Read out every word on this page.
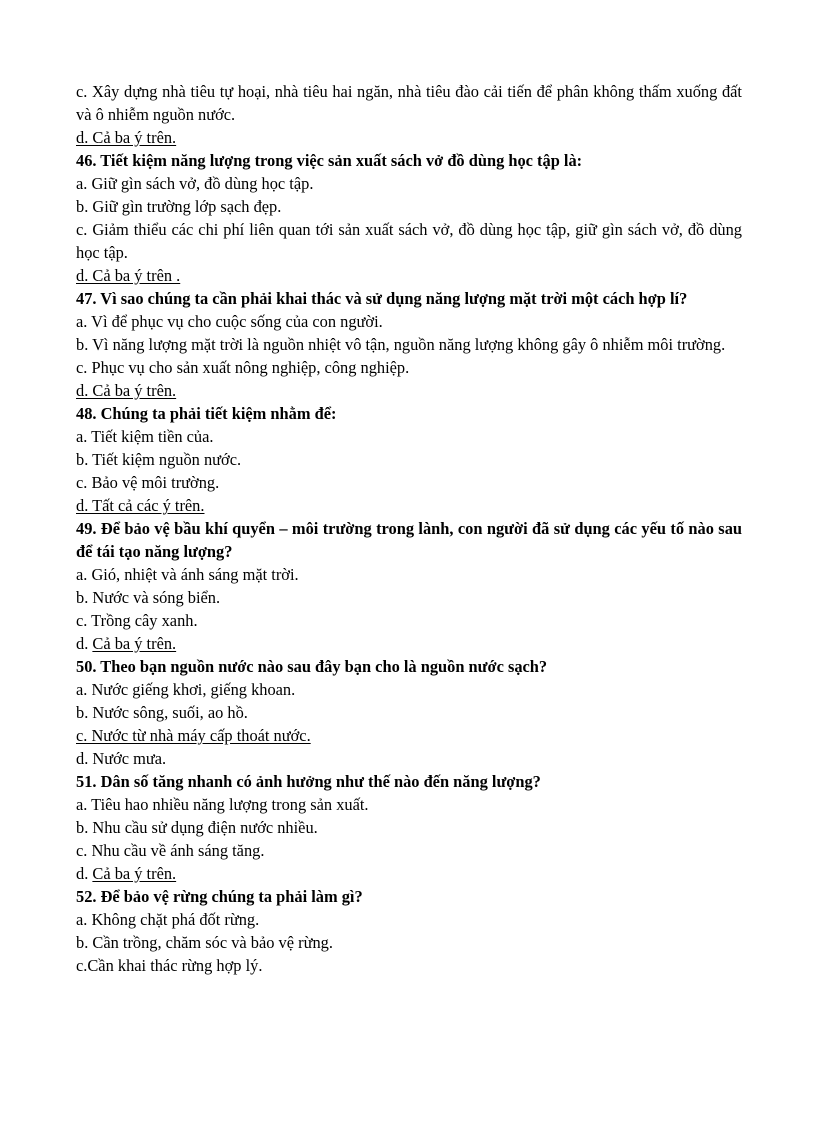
c. Xây dựng nhà tiêu tự hoại, nhà tiêu hai ngăn, nhà tiêu đào cải tiến để phân không thấm xuống đất và ô nhiễm nguồn nước.
d. Cả ba ý trên.
46. Tiết kiệm năng lượng trong việc sản xuất sách vở đồ dùng học tập là:
a. Giữ gìn sách vở, đồ dùng học tập.
b. Giữ gìn trường lớp sạch đẹp.
c. Giảm thiểu các chi phí liên quan tới sản xuất sách vở, đồ dùng học tập, giữ gìn sách vở, đồ dùng học tập.
d. Cả ba ý trên .
47. Vì sao chúng ta cần phải khai thác và sử dụng năng lượng mặt trời một cách hợp lí?
a. Vì để phục vụ cho cuộc sống của con người.
b. Vì năng lượng mặt trời là nguồn nhiệt vô tận, nguồn năng lượng không gây ô nhiễm môi trường.
c. Phục vụ cho sản xuất nông nghiệp, công nghiệp.
d. Cả ba ý trên.
48. Chúng ta phải tiết kiệm nhằm để:
a. Tiết kiệm tiền của.
b. Tiết kiệm nguồn nước.
c. Bảo vệ môi trường.
d. Tất cả các ý trên.
49. Để bảo vệ bầu khí quyển – môi trường trong lành, con người đã sử dụng các yếu tố nào sau để tái tạo năng lượng?
a. Gió, nhiệt và ánh sáng mặt trời.
b. Nước và sóng biển.
c. Trồng cây xanh.
d. Cả ba ý trên.
50. Theo bạn nguồn nước nào sau đây bạn cho là nguồn nước sạch?
a. Nước giếng khơi, giếng khoan.
b. Nước sông, suối, ao hồ.
c. Nước từ nhà máy cấp thoát nước.
d. Nước mưa.
51. Dân số tăng nhanh có ảnh hưởng như thế nào đến năng lượng?
a. Tiêu hao nhiều năng lượng trong sản xuất.
b. Nhu cầu sử dụng điện nước nhiều.
c. Nhu cầu về ánh sáng tăng.
d. Cả ba ý trên.
52. Để bảo vệ rừng chúng ta phải làm gì?
a. Không chặt phá đốt rừng.
b. Cần trồng, chăm sóc và bảo vệ rừng.
c.Cần khai thác rừng hợp lý.
